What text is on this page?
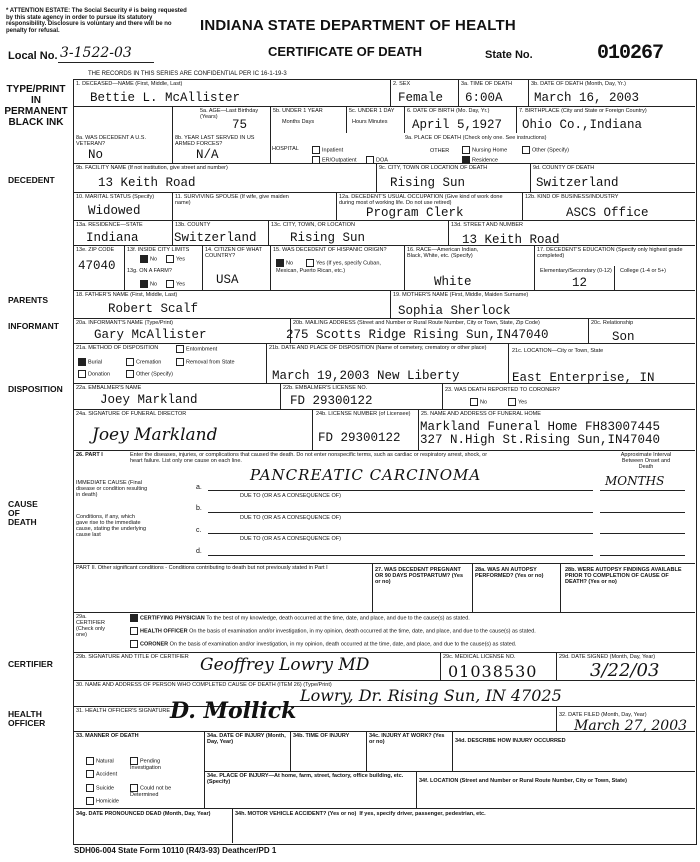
* ATTENTION ESTATE: The Social Security # is being requested by this state agency in order to pursue its statutory responsibility. Disclosure is voluntary and there will be no penalty for refusal.	INDIANA STATE DEPARTMENT OF HEALTH
CERTIFICATE OF DEATH
Local No. 3-1522-03	State No.	010267
THE RECORDS IN THIS SERIES ARE CONFIDENTIAL PER IC 16-1-19-3
TYPE/PRINT IN PERMANENT BLACK INK
DECEDENT
PARENTS
INFORMANT
DISPOSITION
CAUSE OF DEATH
CERTIFIER
HEALTH OFFICER
1. DECEASED—NAME (First, Middle, Last)
Bettie L. McAllister
2. SEX
Female
3a. TIME OF DEATH
6:00A
3b. DATE OF DEATH (Month, Day, Yr.)
March 16, 2003
5a. AGE—Last Birthday (Years)
75
5b. UNDER 1 YEAR
Months Days
5c. UNDER 1 DAY
Hours Minutes
6. DATE OF BIRTH (Mo. Day, Yr.)
April 5,1927
7. BIRTHPLACE (City and State or Foreign Country)
Ohio Co.,Indiana
8a. WAS DECEDENT A U.S. VETERAN?
No
8b. YEAR LAST SERVED IN US ARMED FORCES?
N/A
9a. PLACE OF DEATH (Check only one. See instructions)
HOSPITAL	Inpatient
ER/Outpatient	DOA
OTHER	Nursing Home	Other (Specify)
Residence
9b. FACILITY NAME (If not institution, give street and number)
13 Keith Road
9c. CITY, TOWN OR LOCATION OF DEATH
Rising Sun
9d. COUNTY OF DEATH
Switzerland
10. MARITAL STATUS (Specify)
Widowed
11. SURVIVING SPOUSE (If wife, give maiden name)
12a. DECEDENT'S USUAL OCCUPATION (Give kind of work done during most of working life. Do not use retired)
Program Clerk
12b. KIND OF BUSINESS/INDUSTRY
ASCS Office
13a. RESIDENCE—STATE
Indiana
13b. COUNTY
Switzerland
13c. CITY, TOWN, OR LOCATION
Rising Sun
13d. STREET AND NUMBER
13 Keith Road
13e. ZIP CODE
47040
13f. INSIDE CITY LIMITS
No	Yes
13g. ON A FARM?
No	Yes
14. CITIZEN OF WHAT COUNTRY?
USA
15. WAS DECEDENT OF HISPANIC ORIGIN?
No	Yes (If yes, specify Cuban,
Mexican, Puerto Rican, etc.)
16. RACE—American Indian, Black, White, etc. (Specify)
White
17. DECEDENT'S EDUCATION (Specify only highest grade completed)
Elementary/Secondary (0-12) College (1-4 or 5+)
12
18. FATHER'S NAME (First, Middle, Last)
Robert Scalf
19. MOTHER'S NAME (First, Middle, Maiden Surname)
Sophia Sherlock
20a. INFORMANT'S NAME (Type/Print)
Gary McAllister
20b. MAILING ADDRESS (Street and Number or Rural Route Number, City or Town, State, Zip Code)
275 Scotts Ridge Rising Sun,IN47040
20c. Relationship
Son
21a. METHOD OF DISPOSITION
Burial	Cremation
Entombment
Removal from State
Donation	Other (Specify)
21b. DATE AND PLACE OF DISPOSITION (Name of cemetery, crematory or other place)
March 19,2003 New Liberty
21c. LOCATION—City or Town, State
East Enterprise, IN
22a. EMBALMER'S NAME
Joey Markland
22b. EMBALMER'S LICENSE NO.
FD 29300122
23. WAS DEATH REPORTED TO CORONER?
No	Yes
24a. SIGNATURE OF FUNERAL DIRECTOR
Joey Markland
24b. LICENSE NUMBER (of Licensee)
FD 29300122
25. NAME AND ADDRESS OF FUNERAL HOME
Markland Funeral Home FH83007445
327 N.High St.Rising Sun,IN47040
26. PART I	Enter the diseases, injuries, or complications that caused the death. Do not enter nonspecific terms, such as cardiac or respiratory arrest, shock, or heart failure. List only one cause on each line.
Approximate Interval Between Onset and Death
IMMEDIATE CAUSE (Final disease or condition resulting in death)
a.
PANCREATIC CARCINOMA	MONTHS
DUE TO (OR AS A CONSEQUENCE OF)
Conditions, if any, which gave rise to the immediate cause, stating the underlying cause last
b.
DUE TO (OR AS A CONSEQUENCE OF)
c.
DUE TO (OR AS A CONSEQUENCE OF)
d.
PART II. Other significant conditions - Conditions contributing to death but not previously stated in Part I	27. WAS DECEDENT PREGNANT OR 90 DAYS POSTPARTUM? (Yes or no)
28a. WAS AN AUTOPSY PERFORMED? (Yes or no)
28b. WERE AUTOPSY FINDINGS AVAILABLE PRIOR TO COMPLETION OF CAUSE OF DEATH? (Yes or no)
29a. CERTIFIER (Check only one)
CERTIFYING PHYSICIAN To the best of my knowledge, death occurred at the time, date, and place, and due to the cause(s) as stated.
HEALTH OFFICER On the basis of examination and/or investigation, in my opinion, death occurred at the time, date, and place, and due to the cause(s) as stated.
CORONER On the basis of examination and/or investigation, in my opinion, death occurred at the time, date, and place, and due to the cause(s) as stated.
29b. SIGNATURE AND TITLE OF CERTIFIER Geoffrey Lowry MD	29c. MEDICAL LICENSE NO.
01038530
29d. DATE SIGNED (Month, Day, Year)
3/22/03
30. NAME AND ADDRESS OF PERSON WHO COMPLETED CAUSE OF DEATH (ITEM 26) (Type/Print)
Lowry, Dr. Rising Sun, IN 47025
31. HEALTH OFFICER'S SIGNATURE D. Mollick	32. DATE FILED (Month, Day, Year)
March 27, 2003
33. MANNER OF DEATH
Natural	Pending Investigation
Accident
Suicide	Could not be Determined
Homicide
34a. DATE OF INJURY (Month, Day, Year)
34b. TIME OF INJURY	34c. INJURY AT WORK? (Yes or no)	34d. DESCRIBE HOW INJURY OCCURRED
34e. PLACE OF INJURY—At home, farm, street, factory, office building, etc. (Specify)	34f. LOCATION (Street and Number or Rural Route Number, City or Town, State)
34g. DATE PRONOUNCED DEAD (Month, Day, Year)	34h. MOTOR VEHICLE ACCIDENT? (Yes or no) If yes, specify driver, passenger, pedestrian, etc.
SDH06-004 State Form 10110 (R4/3-93) Deathcer/PD 1
